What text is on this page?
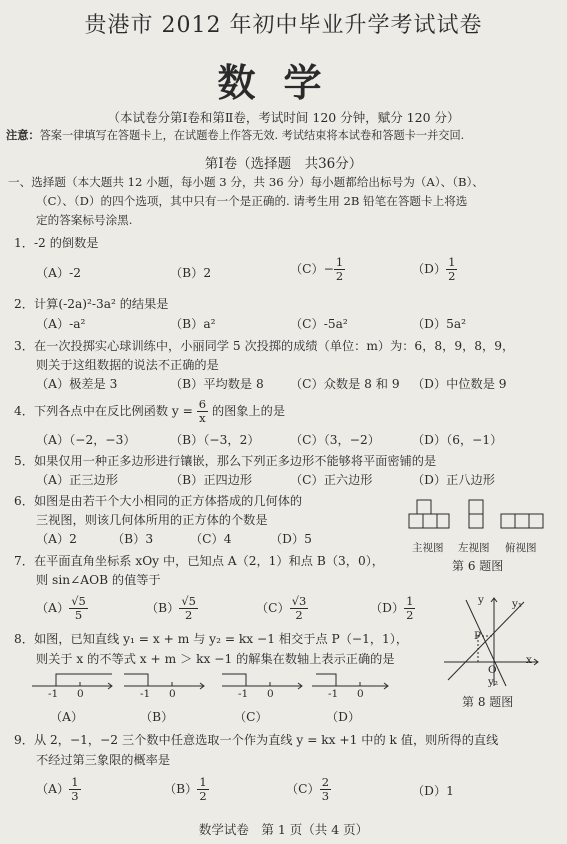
贵港市 2012 年初中毕业升学考试试卷
数学
（本试卷分第Ⅰ卷和第Ⅱ卷，考试时间 120 分钟，赋分 120 分）
注意：答案一律填写在答题卡上，在试题卷上作答无效. 考试结束将本试卷和答题卡一并交回.
第Ⅰ卷（选择题　共36分）
一、选择题（本大题共 12 小题，每小题 3 分，共 36 分）每小题都给出标号为（A）、（B）、
（C）、（D）的四个选项，其中只有一个是正确的. 请考生用 2B 铅笔在答题卡上将选
定的答案标号涂黑.
1．-2 的倒数是
（A）-2	（B）2	$(C)- \frac{1}{2}$	$(D) \frac{1}{2}$
2．计算(-2a)²-3a² 的结果是
（A）-a²	（B）a²	（C）-5a²	（D）5a²
3．在一次投掷实心球训练中，小丽同学 5 次投掷的成绩（单位：m）为：6，8，9，8，9，
则关于这组数据的说法不正确的是
（A）极差是 3	（B）平均数是 8 （C）众数是 8 和 9 （D）中位数是 9
4．下列各点中在反比例函数 $y = \frac{6}{x}$ 的图象上的是
（A）（−2，−3）	（B）（−3，2） （C）（3，−2）	（D）（6，−1）
5．如果仅用一种正多边形进行镶嵌，那么下列正多边形不能够将平面密铺的是
（A）正三边形	（B）正四边形	（C）正六边形	（D）正八边形
6．如图是由若干个大小相同的正方体搭成的几何体的
三视图，则该几何体所用的正方体的个数是
（A）2	（B）3	（C）4	（D）5
主视图 左视图 俯视图
第 6 题图
7．在平面直角坐标系 xOy 中，已知点 A（2，1）和点 B（3，0），
则 sin∠AOB 的值等于
$(A) \frac{√5}{5}$	$(B) \frac{√5}{2}$	$(C) \frac{√3}{2}$	$(D) \frac{1}{2}$	y	y₁
P
O
x
y₂
第 8 题图
8．如图，已知直线 y₁ = x + m 与 y₂ = kx −1 相交于点 P（−1，1），
则关于 x 的不等式 x + m ＞ kx −1 的解集在数轴上表示正确的是
-1 0	-1 0	-1 0	-1 0
（A）	（B）	（C）	（D）
9．从 2，−1，−2 三个数中任意选取一个作为直线 y = kx +1 中的 k 值，则所得的直线
不经过第三象限的概率是
$(A) \frac{1}{3}$	$(B) \frac{1}{2}$	$(C) \frac{2}{3}$	（D）1
数学试卷　第 1 页（共 4 页）
